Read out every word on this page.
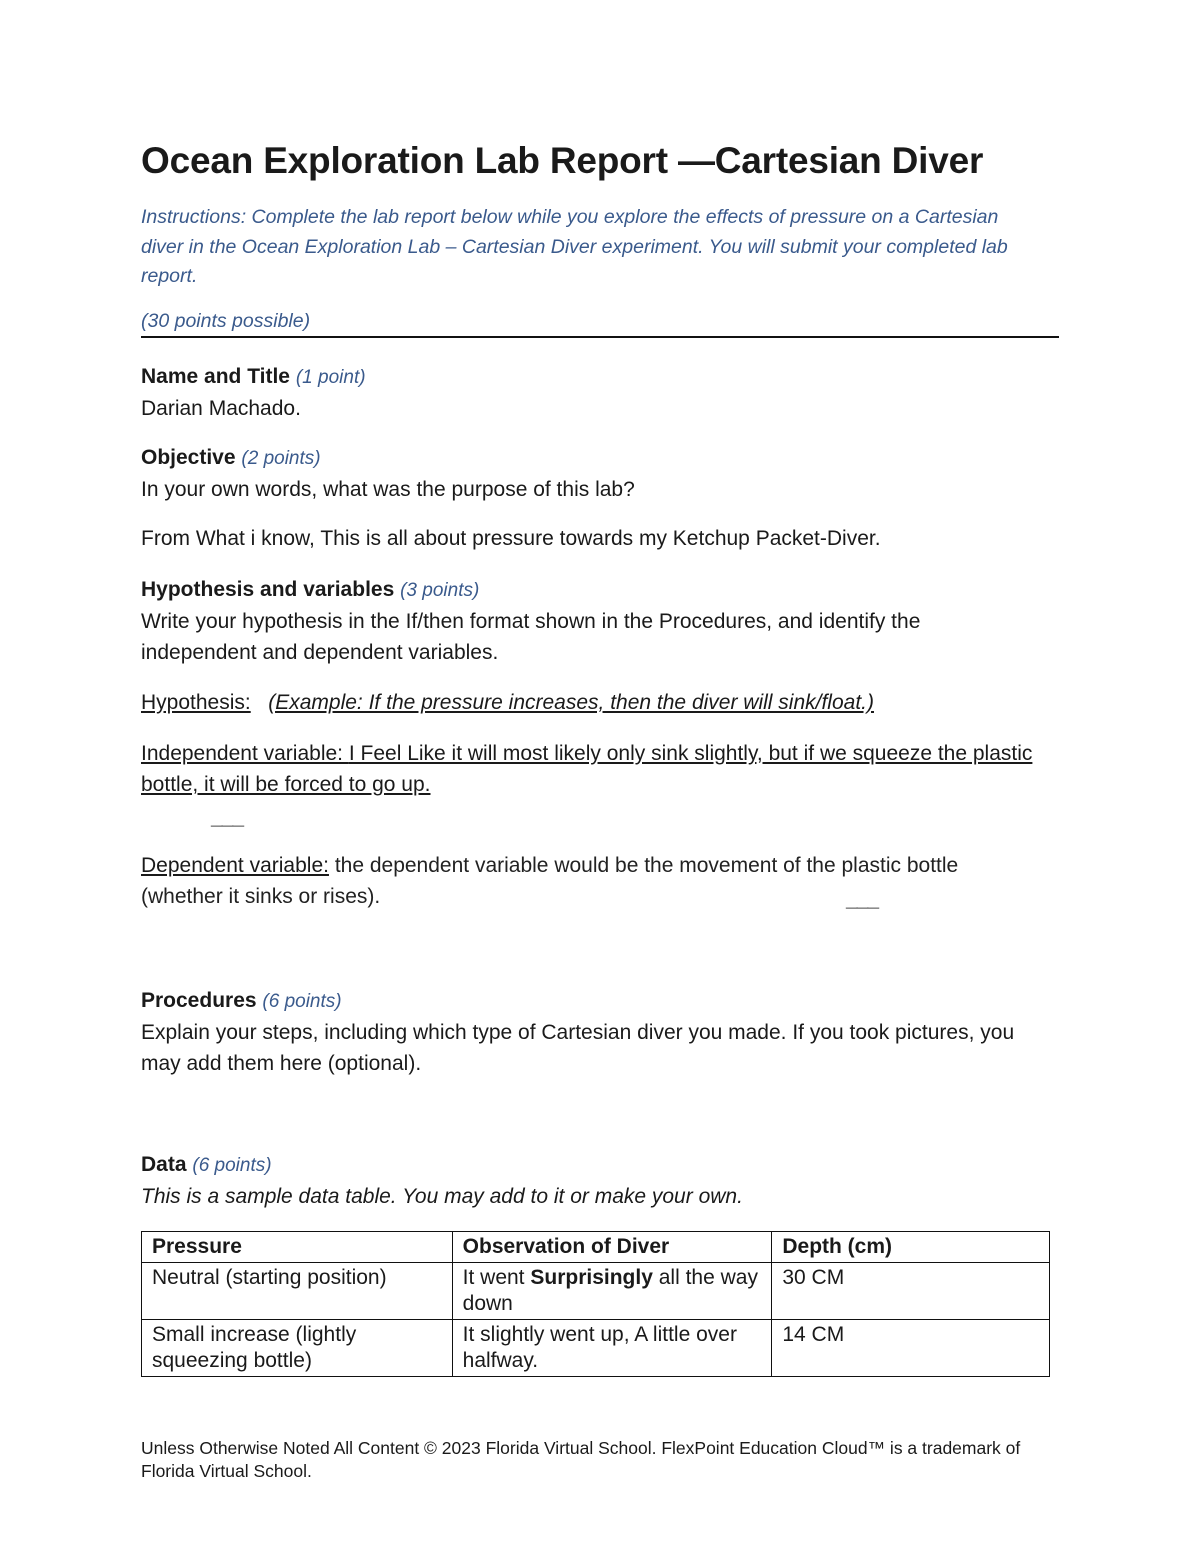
Ocean Exploration Lab Report —Cartesian Diver
Instructions: Complete the lab report below while you explore the effects of pressure on a Cartesian diver in the Ocean Exploration Lab – Cartesian Diver experiment. You will submit your completed lab report.
(30 points possible)
Name and Title (1 point)
Darian Machado.
Objective (2 points)
In your own words, what was the purpose of this lab?
From What i know, This is all about pressure towards my Ketchup Packet-Diver.
Hypothesis and variables (3 points)
Write your hypothesis in the If/then format shown in the Procedures, and identify the independent and dependent variables.
Hypothesis: (Example: If the pressure increases, then the diver will sink/float.)
Independent variable: I Feel Like it will most likely only sink slightly, but if we squeeze the plastic bottle, it will be forced to go up.
___
Dependent variable: the dependent variable would be the movement of the plastic bottle (whether it sinks or rises).	___
Procedures (6 points)
Explain your steps, including which type of Cartesian diver you made. If you took pictures, you may add them here (optional).
Data (6 points)
This is a sample data table. You may add to it or make your own.
Pressure	Observation of Diver	Depth (cm)
Neutral (starting position)	It went Surprisingly all the way down	30 CM
Small increase (lightly squeezing bottle)	It slightly went up, A little over halfway.	14 CM
Unless Otherwise Noted All Content © 2023 Florida Virtual School. FlexPoint Education Cloud™ is a trademark of Florida Virtual School.
